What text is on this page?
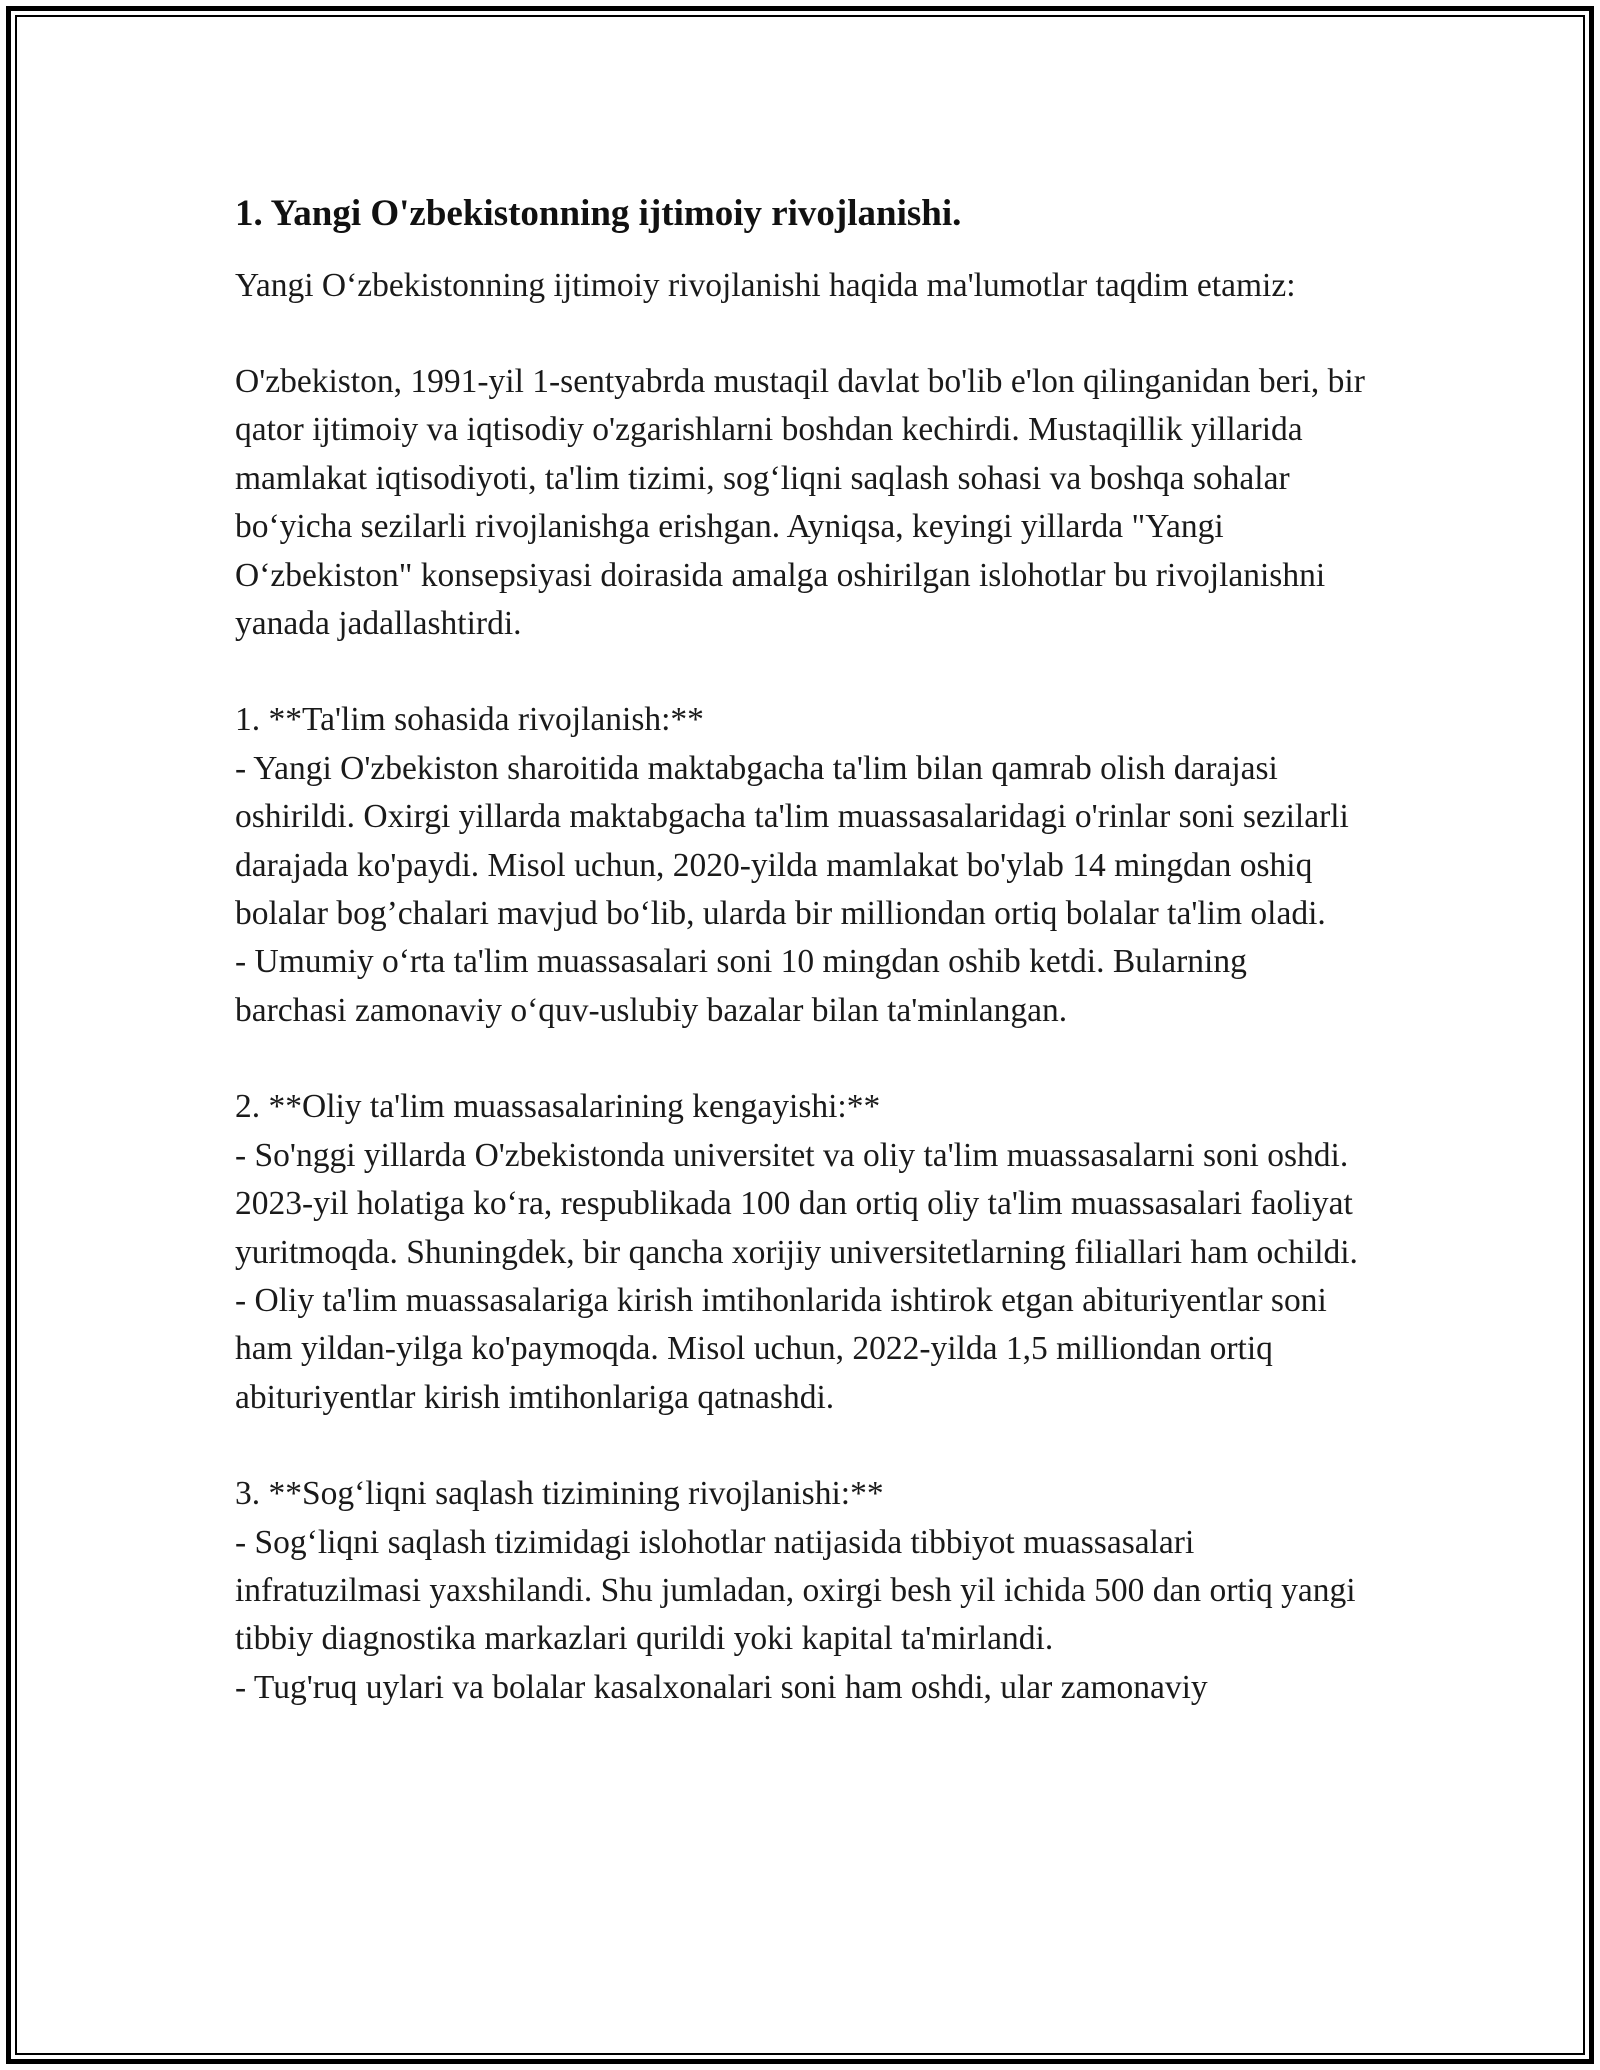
1. Yangi O'zbekistonning ijtimoiy rivojlanishi.

Yangi O‘zbekistonning ijtimoiy rivojlanishi haqida ma'lumotlar taqdim etamiz:

O'zbekiston, 1991-yil 1-sentyabrda mustaqil davlat bo'lib e'lon qilinganidan beri, bir qator ijtimoiy va iqtisodiy o'zgarishlarni boshdan kechirdi. Mustaqillik yillarida mamlakat iqtisodiyoti, ta'lim tizimi, sog‘liqni saqlash sohasi va boshqa sohalar bo‘yicha sezilarli rivojlanishga erishgan. Ayniqsa, keyingi yillarda "Yangi O‘zbekiston" konsepsiyasi doirasida amalga oshirilgan islohotlar bu rivojlanishni yanada jadallashtirdi.

1. **Ta'lim sohasida rivojlanish:**
- Yangi O'zbekiston sharoitida maktabgacha ta'lim bilan qamrab olish darajasi oshirildi. Oxirgi yillarda maktabgacha ta'lim muassasalaridagi o'rinlar soni sezilarli darajada ko'paydi. Misol uchun, 2020-yilda mamlakat bo'ylab 14 mingdan oshiq bolalar bog’chalari mavjud bo‘lib, ularda bir milliondan ortiq bolalar ta'lim oladi.
- Umumiy o‘rta ta'lim muassasalari soni 10 mingdan oshib ketdi. Bularning barchasi zamonaviy o‘quv-uslubiy bazalar bilan ta'minlangan.

2. **Oliy ta'lim muassasalarining kengayishi:**
- So'nggi yillarda O'zbekistonda universitet va oliy ta'lim muassasalarni soni oshdi. 2023-yil holatiga ko‘ra, respublikada 100 dan ortiq oliy ta'lim muassasalari faoliyat yuritmoqda. Shuningdek, bir qancha xorijiy universitetlarning filiallari ham ochildi.
- Oliy ta'lim muassasalariga kirish imtihonlarida ishtirok etgan abituriyentlar soni ham yildan-yilga ko'paymoqda. Misol uchun, 2022-yilda 1,5 milliondan ortiq abituriyentlar kirish imtihonlariga qatnashdi.

3. **Sog‘liqni saqlash tizimining rivojlanishi:**
- Sog‘liqni saqlash tizimidagi islohotlar natijasida tibbiyot muassasalari infratuzilmasi yaxshilandi. Shu jumladan, oxirgi besh yil ichida 500 dan ortiq yangi tibbiy diagnostika markazlari qurildi yoki kapital ta'mirlandi.
- Tug'ruq uylari va bolalar kasalxonalari soni ham oshdi, ular zamonaviy
